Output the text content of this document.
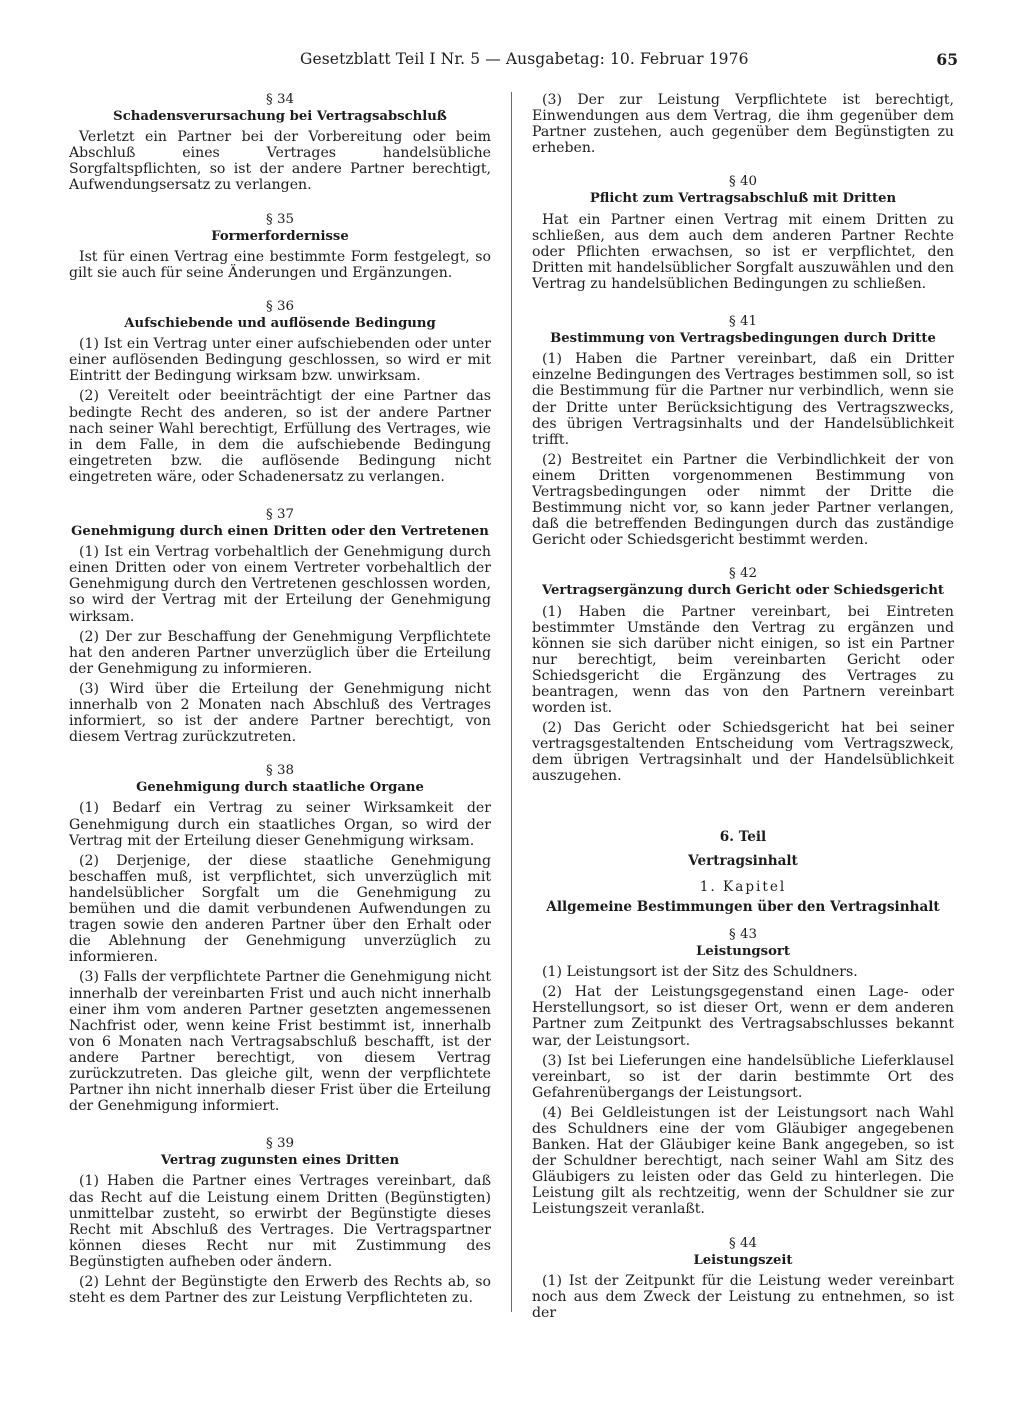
Gesetzblatt Teil I Nr. 5 — Ausgabetag: 10. Februar 1976	65

§ 34

Schadensverursachung bei Vertragsabschluß

Verletzt ein Partner bei der Vorbereitung oder beim Abschluß eines Vertrages handelsübliche Sorgfaltspflichten, so ist der andere Partner berechtigt, Aufwendungsersatz zu verlangen.

§ 35

Formerfordernisse

Ist für einen Vertrag eine bestimmte Form festgelegt, so gilt sie auch für seine Änderungen und Ergänzungen.

§ 36

Aufschiebende und auflösende Bedingung

(1) Ist ein Vertrag unter einer aufschiebenden oder unter einer auflösenden Bedingung geschlossen, so wird er mit Eintritt der Bedingung wirksam bzw. unwirksam.

(2) Vereitelt oder beeinträchtigt der eine Partner das bedingte Recht des anderen, so ist der andere Partner nach seiner Wahl berechtigt, Erfüllung des Vertrages, wie in dem Falle, in dem die aufschiebende Bedingung eingetreten bzw. die auflösende Bedingung nicht eingetreten wäre, oder Schadenersatz zu verlangen.

§ 37

Genehmigung durch einen Dritten oder den Vertretenen

(1) Ist ein Vertrag vorbehaltlich der Genehmigung durch einen Dritten oder von einem Vertreter vorbehaltlich der Genehmigung durch den Vertretenen geschlossen worden, so wird der Vertrag mit der Erteilung der Genehmigung wirksam.

(2) Der zur Beschaffung der Genehmigung Verpflichtete hat den anderen Partner unverzüglich über die Erteilung der Genehmigung zu informieren.

(3) Wird über die Erteilung der Genehmigung nicht innerhalb von 2 Monaten nach Abschluß des Vertrages informiert, so ist der andere Partner berechtigt, von diesem Vertrag zurückzutreten.

§ 38

Genehmigung durch staatliche Organe

(1) Bedarf ein Vertrag zu seiner Wirksamkeit der Genehmigung durch ein staatliches Organ, so wird der Vertrag mit der Erteilung dieser Genehmigung wirksam.

(2) Derjenige, der diese staatliche Genehmigung beschaffen muß, ist verpflichtet, sich unverzüglich mit handelsüblicher Sorgfalt um die Genehmigung zu bemühen und die damit verbundenen Aufwendungen zu tragen sowie den anderen Partner über den Erhalt oder die Ablehnung der Genehmigung unverzüglich zu informieren.

(3) Falls der verpflichtete Partner die Genehmigung nicht innerhalb der vereinbarten Frist und auch nicht innerhalb einer ihm vom anderen Partner gesetzten angemessenen Nachfrist oder, wenn keine Frist bestimmt ist, innerhalb von 6 Monaten nach Vertragsabschluß beschafft, ist der andere Partner berechtigt, von diesem Vertrag zurückzutreten. Das gleiche gilt, wenn der verpflichtete Partner ihn nicht innerhalb dieser Frist über die Erteilung der Genehmigung informiert.

§ 39

Vertrag zugunsten eines Dritten

(1) Haben die Partner eines Vertrages vereinbart, daß das Recht auf die Leistung einem Dritten (Begünstigten) unmittelbar zusteht, so erwirbt der Begünstigte dieses Recht mit Abschluß des Vertrages. Die Vertragspartner können dieses Recht nur mit Zustimmung des Begünstigten aufheben oder ändern.

(2) Lehnt der Begünstigte den Erwerb des Rechts ab, so steht es dem Partner des zur Leistung Verpflichteten zu.

(3) Der zur Leistung Verpflichtete ist berechtigt, Einwendungen aus dem Vertrag, die ihm gegenüber dem Partner zustehen, auch gegenüber dem Begünstigten zu erheben.

§ 40

Pflicht zum Vertragsabschluß mit Dritten

Hat ein Partner einen Vertrag mit einem Dritten zu schließen, aus dem auch dem anderen Partner Rechte oder Pflichten erwachsen, so ist er verpflichtet, den Dritten mit handelsüblicher Sorgfalt auszuwählen und den Vertrag zu handelsüblichen Bedingungen zu schließen.

§ 41

Bestimmung von Vertragsbedingungen durch Dritte

(1) Haben die Partner vereinbart, daß ein Dritter einzelne Bedingungen des Vertrages bestimmen soll, so ist die Bestimmung für die Partner nur verbindlich, wenn sie der Dritte unter Berücksichtigung des Vertragszwecks, des übrigen Vertragsinhalts und der Handelsüblichkeit trifft.

(2) Bestreitet ein Partner die Verbindlichkeit der von einem Dritten vorgenommenen Bestimmung von Vertragsbedingungen oder nimmt der Dritte die Bestimmung nicht vor, so kann jeder Partner verlangen, daß die betreffenden Bedingungen durch das zuständige Gericht oder Schiedsgericht bestimmt werden.

§ 42

Vertragsergänzung durch Gericht oder Schiedsgericht

(1) Haben die Partner vereinbart, bei Eintreten bestimmter Umstände den Vertrag zu ergänzen und können sie sich darüber nicht einigen, so ist ein Partner nur berechtigt, beim vereinbarten Gericht oder Schiedsgericht die Ergänzung des Vertrages zu beantragen, wenn das von den Partnern vereinbart worden ist.

(2) Das Gericht oder Schiedsgericht hat bei seiner vertragsgestaltenden Entscheidung vom Vertragszweck, dem übrigen Vertragsinhalt und der Handelsüblichkeit auszugehen.

6. Teil

Vertragsinhalt

1. Kapitel

Allgemeine Bestimmungen über den Vertragsinhalt

§ 43

Leistungsort

(1) Leistungsort ist der Sitz des Schuldners.

(2) Hat der Leistungsgegenstand einen Lage- oder Herstellungsort, so ist dieser Ort, wenn er dem anderen Partner zum Zeitpunkt des Vertragsabschlusses bekannt war, der Leistungsort.

(3) Ist bei Lieferungen eine handelsübliche Lieferklausel vereinbart, so ist der darin bestimmte Ort des Gefahrenübergangs der Leistungsort.

(4) Bei Geldleistungen ist der Leistungsort nach Wahl des Schuldners eine der vom Gläubiger angegebenen Banken. Hat der Gläubiger keine Bank angegeben, so ist der Schuldner berechtigt, nach seiner Wahl am Sitz des Gläubigers zu leisten oder das Geld zu hinterlegen. Die Leistung gilt als rechtzeitig, wenn der Schuldner sie zur Leistungszeit veranlaßt.

§ 44

Leistungszeit

(1) Ist der Zeitpunkt für die Leistung weder vereinbart noch aus dem Zweck der Leistung zu entnehmen, so ist der
